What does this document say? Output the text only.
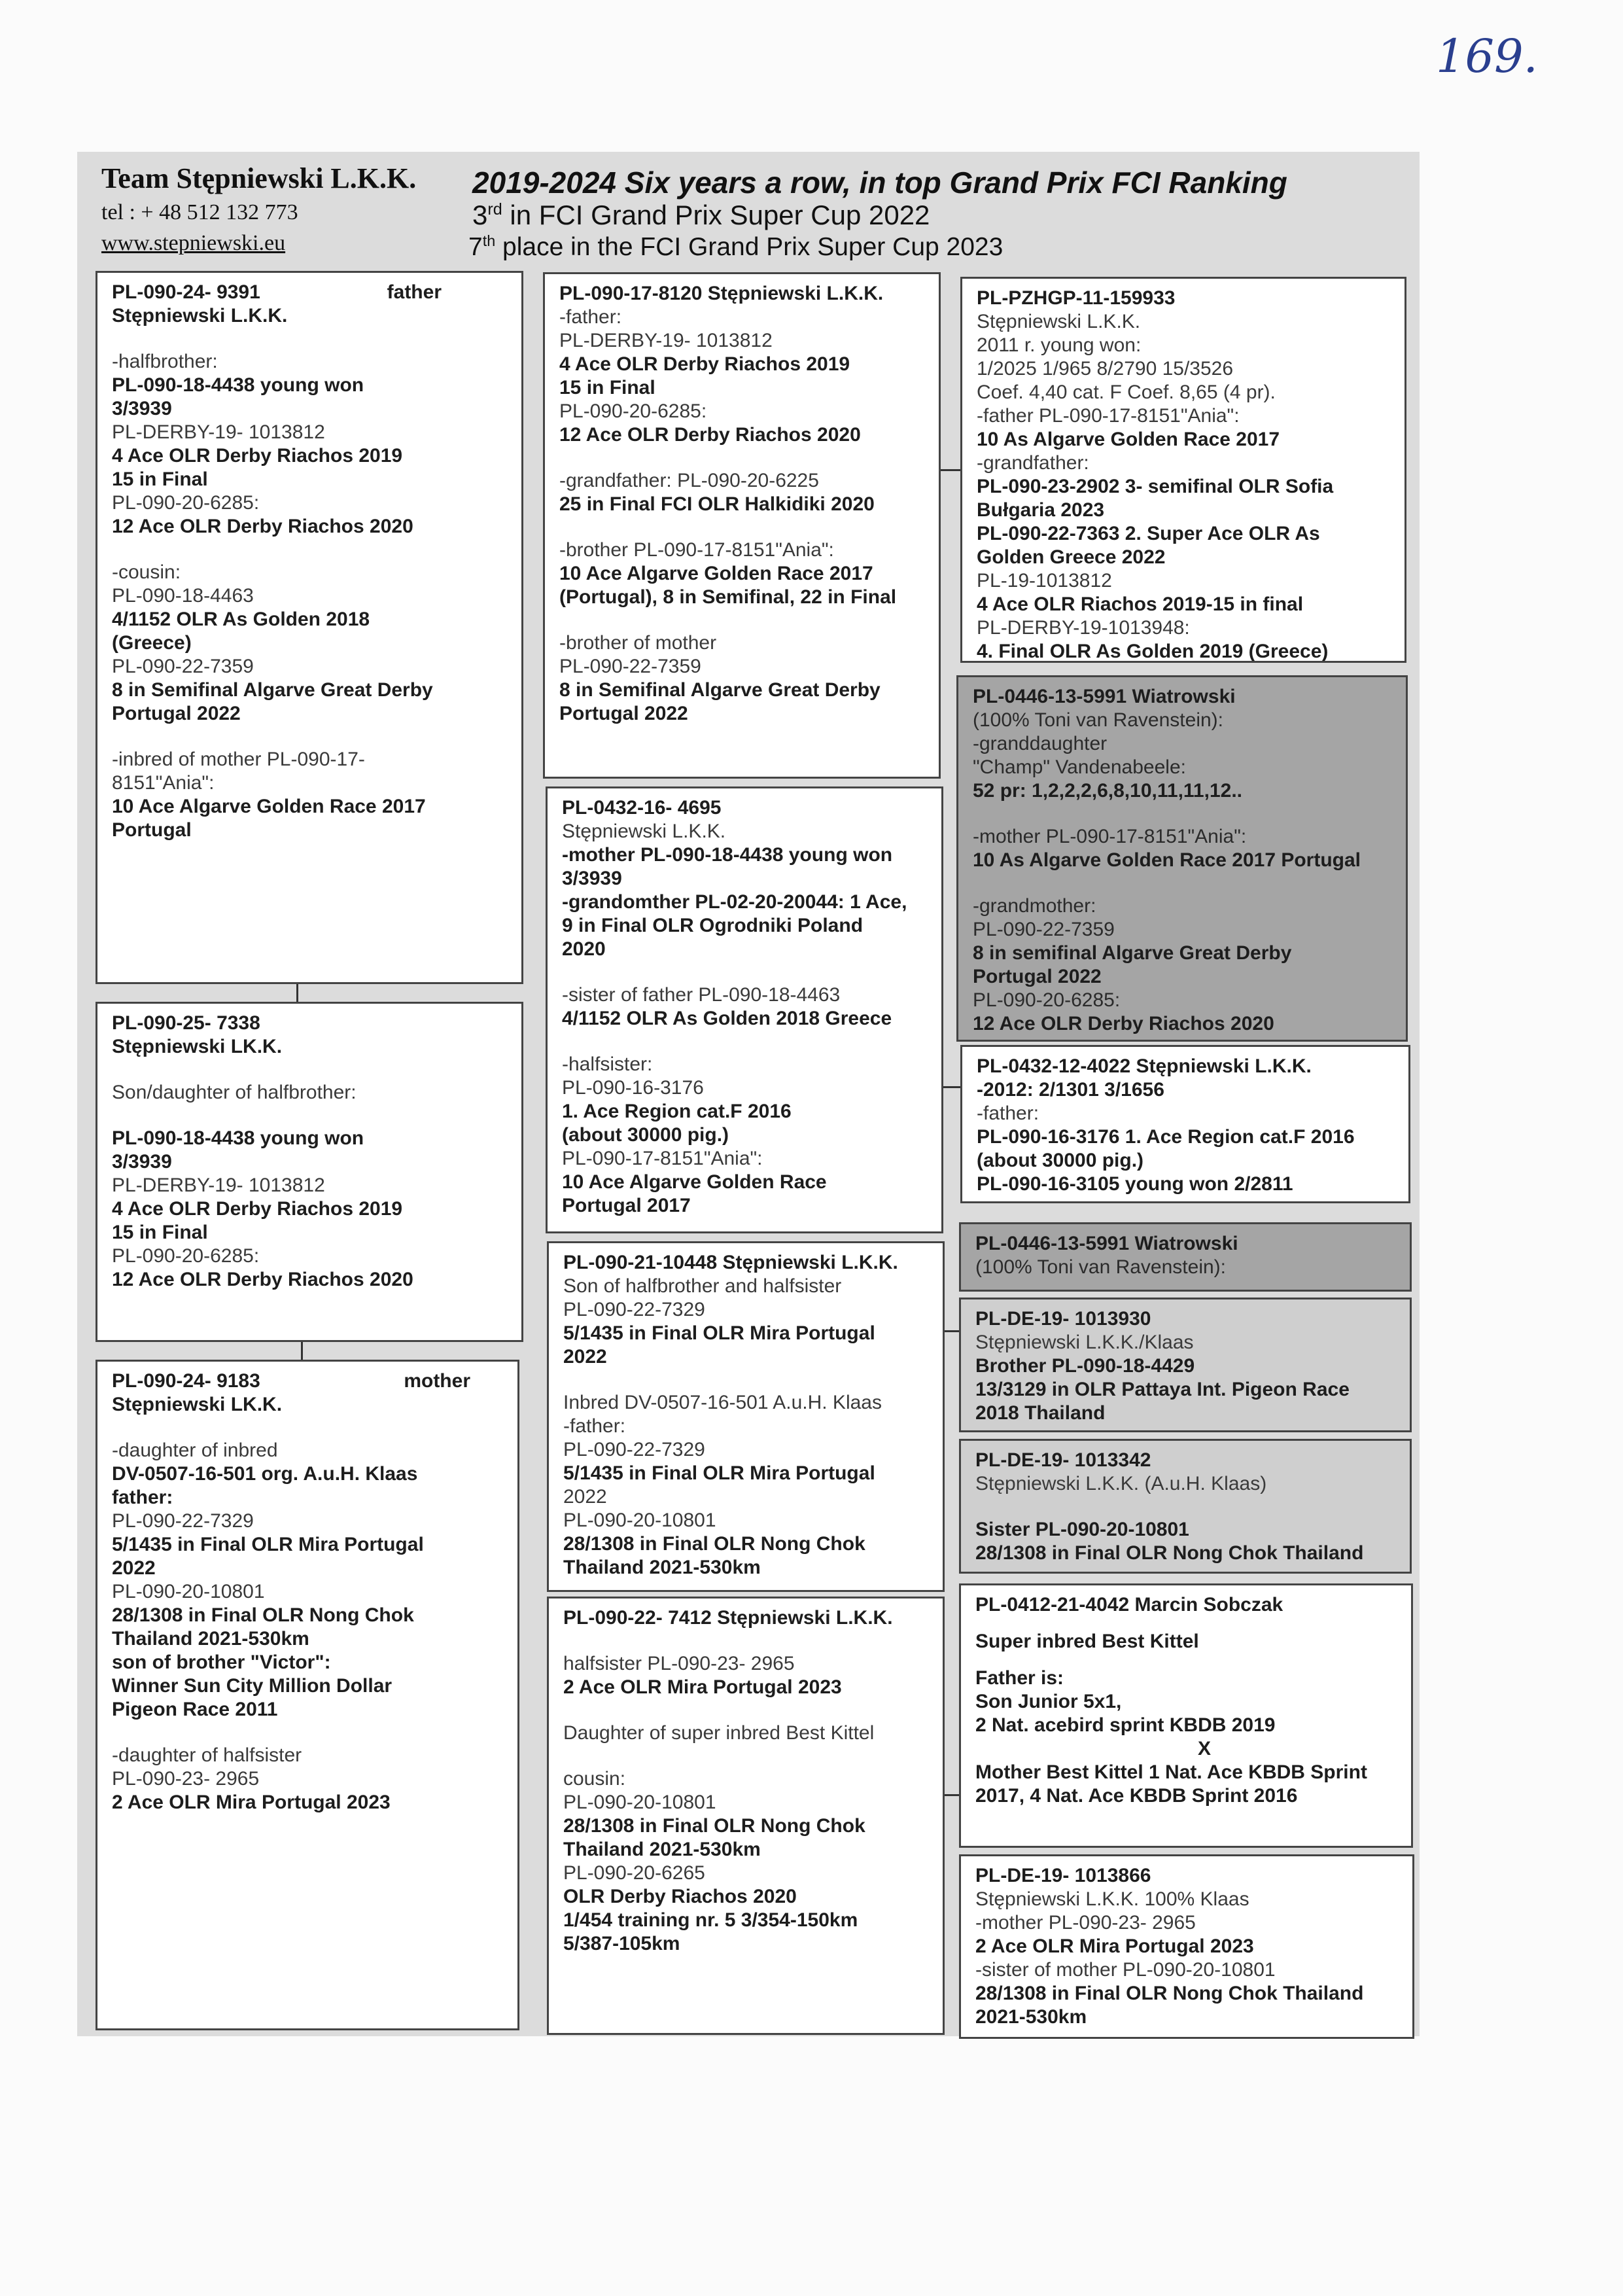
169.
Team Stępniewski L.K.K.
tel : + 48 512 132 773
www.stepniewski.eu
2019-2024 Six years a row, in top Grand Prix FCI Ranking
3rd in FCI Grand Prix Super Cup 2022
7th place in the FCI Grand Prix Super Cup 2023
PL-090-24- 9391	father
Stępniewski L.K.K.
-halfbrother:
PL-090-18-4438 young won
3/3939
PL-DERBY-19- 1013812
4 Ace OLR Derby Riachos 2019
15 in Final
PL-090-20-6285:
12 Ace OLR Derby Riachos 2020
-cousin:
PL-090-18-4463
4/1152 OLR As Golden 2018
(Greece)
PL-090-22-7359
8 in Semifinal Algarve Great Derby
Portugal 2022
-inbred of mother PL-090-17-
8151"Ania":
10 Ace Algarve Golden Race 2017
Portugal
PL-090-25- 7338
Stępniewski LK.K.
Son/daughter of halfbrother:
PL-090-18-4438 young won
3/3939
PL-DERBY-19- 1013812
4 Ace OLR Derby Riachos 2019
15 in Final
PL-090-20-6285:
12 Ace OLR Derby Riachos 2020
PL-090-24- 9183	mother
Stępniewski LK.K.
-daughter of inbred
DV-0507-16-501 org. A.u.H. Klaas
father:
PL-090-22-7329
5/1435 in Final OLR Mira Portugal
2022
PL-090-20-10801
28/1308 in Final OLR Nong Chok
Thailand 2021-530km
son of brother "Victor":
Winner Sun City Million Dollar
Pigeon Race 2011
-daughter of halfsister
PL-090-23- 2965
2 Ace OLR Mira Portugal 2023
PL-090-17-8120 Stępniewski L.K.K.
-father:
PL-DERBY-19- 1013812
4 Ace OLR Derby Riachos 2019
15 in Final
PL-090-20-6285:
12 Ace OLR Derby Riachos 2020
-grandfather: PL-090-20-6225
25 in Final FCI OLR Halkidiki 2020
-brother PL-090-17-8151"Ania":
10 Ace Algarve Golden Race 2017
(Portugal), 8 in Semifinal, 22 in Final
-brother of mother
PL-090-22-7359
8 in Semifinal Algarve Great Derby
Portugal 2022
PL-0432-16- 4695
Stępniewski L.K.K.
-mother PL-090-18-4438 young won
3/3939
-grandomther PL-02-20-20044: 1 Ace,
9 in Final OLR Ogrodniki Poland
2020
-sister of father PL-090-18-4463
4/1152 OLR As Golden 2018 Greece
-halfsister:
PL-090-16-3176
1. Ace Region cat.F 2016
(about 30000 pig.)
PL-090-17-8151"Ania":
10 Ace Algarve Golden Race
Portugal 2017
PL-090-21-10448 Stępniewski L.K.K.
Son of halfbrother and halfsister
PL-090-22-7329
5/1435 in Final OLR Mira Portugal
2022
Inbred DV-0507-16-501 A.u.H. Klaas
-father:
PL-090-22-7329
5/1435 in Final OLR Mira Portugal
2022
PL-090-20-10801
28/1308 in Final OLR Nong Chok
Thailand 2021-530km
PL-090-22- 7412 Stępniewski L.K.K.
halfsister PL-090-23- 2965
2 Ace OLR Mira Portugal 2023
Daughter of super inbred Best Kittel
cousin:
PL-090-20-10801
28/1308 in Final OLR Nong Chok
Thailand 2021-530km
PL-090-20-6265
OLR Derby Riachos 2020
1/454 training nr. 5 3/354-150km
5/387-105km
PL-PZHGP-11-159933
Stępniewski L.K.K.
2011 r. young won:
1/2025 1/965 8/2790 15/3526
Coef. 4,40 cat. F Coef. 8,65 (4 pr).
-father PL-090-17-8151"Ania":
10 As Algarve Golden Race 2017
-grandfather:
PL-090-23-2902 3- semifinal OLR Sofia
Bułgaria 2023
PL-090-22-7363 2. Super Ace OLR As
Golden Greece 2022
PL-19-1013812
4 Ace OLR Riachos 2019-15 in final
PL-DERBY-19-1013948:
4. Final OLR As Golden 2019 (Greece)
PL-0446-13-5991 Wiatrowski
(100% Toni van Ravenstein):
-granddaughter
"Champ" Vandenabeele:
52 pr: 1,2,2,2,6,8,10,11,11,12..
-mother PL-090-17-8151"Ania":
10 As Algarve Golden Race 2017 Portugal
-grandmother:
PL-090-22-7359
8 in semifinal Algarve Great Derby
Portugal 2022
PL-090-20-6285:
12 Ace OLR Derby Riachos 2020
PL-0432-12-4022 Stępniewski L.K.K.
-2012: 2/1301 3/1656
-father:
PL-090-16-3176 1. Ace Region cat.F 2016
(about 30000 pig.)
PL-090-16-3105 young won 2/2811
PL-0446-13-5991 Wiatrowski
(100% Toni van Ravenstein):
PL-DE-19- 1013930
Stępniewski L.K.K./Klaas
Brother PL-090-18-4429
13/3129 in OLR Pattaya Int. Pigeon Race
2018 Thailand
PL-DE-19- 1013342
Stępniewski L.K.K. (A.u.H. Klaas)
Sister PL-090-20-10801
28/1308 in Final OLR Nong Chok Thailand
PL-0412-21-4042 Marcin Sobczak
Super inbred Best Kittel
Father is:
Son Junior 5x1,
2 Nat. acebird sprint KBDB 2019
X
Mother Best Kittel 1 Nat. Ace KBDB Sprint
2017, 4 Nat. Ace KBDB Sprint 2016
PL-DE-19- 1013866
Stępniewski L.K.K. 100% Klaas
-mother PL-090-23- 2965
2 Ace OLR Mira Portugal 2023
-sister of mother PL-090-20-10801
28/1308 in Final OLR Nong Chok Thailand
2021-530km
